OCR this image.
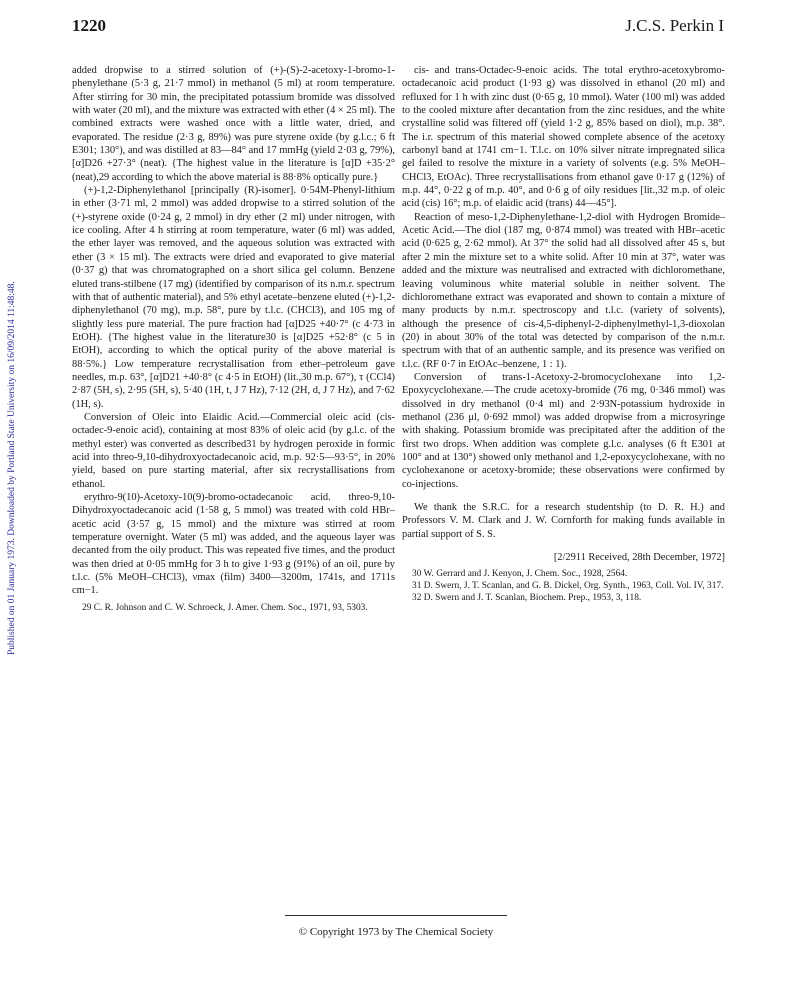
1220	J.C.S. Perkin I
Published on 01 January 1973. Downloaded by Portland State University on 16/09/2014 11:48:48.

added dropwise to a stirred solution of (+)-(S)-2-acetoxy-1-bromo-1-phenylethane (5·3 g, 21·7 mmol) in methanol (5 ml) at room temperature. After stirring for 30 min, the precipitated potassium bromide was dissolved with water (20 ml), and the mixture was extracted with ether (4 × 25 ml). The combined extracts were washed once with a little water, dried, and evaporated. The residue (2·3 g, 89%) was pure styrene oxide (by g.l.c.; 6 ft E301; 130°), and was distilled at 83—84° and 17 mmHg (yield 2·03 g, 79%), [α]D26 +27·3° (neat). {The highest value in the literature is [α]D +35·2° (neat),29 according to which the above material is 88·8% optically pure.}

(+)-1,2-Diphenylethanol [principally (R)-isomer]. 0·54M-Phenyl-lithium in ether (3·71 ml, 2 mmol) was added dropwise to a stirred solution of the (+)-styrene oxide (0·24 g, 2 mmol) in dry ether (2 ml) under nitrogen, with ice cooling. After 4 h stirring at room temperature, water (6 ml) was added, the ether layer was removed, and the aqueous solution was extracted with ether (3 × 15 ml). The extracts were dried and evaporated to give material (0·37 g) that was chromatographed on a short silica gel column. Benzene eluted trans-stilbene (17 mg) (identified by comparison of its n.m.r. spectrum with that of authentic material), and 5% ethyl acetate–benzene eluted (+)-1,2-diphenylethanol (70 mg), m.p. 58°, pure by t.l.c. (CHCl3), and 105 mg of slightly less pure material. The pure fraction had [α]D25 +40·7° (c 4·73 in EtOH). {The highest value in the literature30 is [α]D25 +52·8° (c 5 in EtOH), according to which the optical purity of the above material is 88·5%.} Low temperature recrystallisation from ether–petroleum gave needles, m.p. 63°, [α]D21 +40·8° (c 4·5 in EtOH) (lit.,30 m.p. 67°), τ (CCl4) 2·87 (5H, s), 2·95 (5H, s), 5·40 (1H, t, J 7 Hz), 7·12 (2H, d, J 7 Hz), and 7·62 (1H, s).

Conversion of Oleic into Elaidic Acid.—Commercial oleic acid (cis-octadec-9-enoic acid), containing at most 83% of oleic acid (by g.l.c. of the methyl ester) was converted as described31 by hydrogen peroxide in formic acid into threo-9,10-dihydroxyoctadecanoic acid, m.p. 92·5—93·5°, in 20% yield, based on pure starting material, after six recrystallisations from ethanol.

erythro-9(10)-Acetoxy-10(9)-bromo-octadecanoic acid. threo-9,10-Dihydroxyoctadecanoic acid (1·58 g, 5 mmol) was treated with cold HBr–acetic acid (3·57 g, 15 mmol) and the mixture was stirred at room temperature overnight. Water (5 ml) was added, and the aqueous layer was decanted from the oily product. This was repeated five times, and the product was then dried at 0·05 mmHg for 3 h to give 1·93 g (91%) of an oil, pure by t.l.c. (5% MeOH–CHCl3), νmax (film) 3400—3200m, 1741s, and 1711s cm−1.

29 C. R. Johnson and C. W. Schroeck, J. Amer. Chem. Soc., 1971, 93, 5303.

cis- and trans-Octadec-9-enoic acids. The total erythro-acetoxybromo-octadecanoic acid product (1·93 g) was dissolved in ethanol (20 ml) and refluxed for 1 h with zinc dust (0·65 g, 10 mmol). Water (100 ml) was added to the cooled mixture after decantation from the zinc residues, and the white crystalline solid was filtered off (yield 1·2 g, 85% based on diol), m.p. 38°. The i.r. spectrum of this material showed complete absence of the acetoxy carbonyl band at 1741 cm−1. T.l.c. on 10% silver nitrate impregnated silica gel failed to resolve the mixture in a variety of solvents (e.g. 5% MeOH–CHCl3, EtOAc). Three recrystallisations from ethanol gave 0·17 g (12%) of m.p. 44°, 0·22 g of m.p. 40°, and 0·6 g of oily residues [lit.,32 m.p. of oleic acid (cis) 16°; m.p. of elaidic acid (trans) 44—45°].

Reaction of meso-1,2-Diphenylethane-1,2-diol with Hydrogen Bromide–Acetic Acid.—The diol (187 mg, 0·874 mmol) was treated with HBr–acetic acid (0·625 g, 2·62 mmol). At 37° the solid had all dissolved after 45 s, but after 2 min the mixture set to a white solid. After 10 min at 37°, water was added and the mixture was neutralised and extracted with dichloromethane, leaving voluminous white material soluble in neither solvent. The dichloromethane extract was evaporated and shown to contain a mixture of many products by n.m.r. spectroscopy and t.l.c. (variety of solvents), although the presence of cis-4,5-diphenyl-2-diphenylmethyl-1,3-dioxolan (20) in about 30% of the total was detected by comparison of the n.m.r. spectrum with that of an authentic sample, and its presence was verified on t.l.c. (RF 0·7 in EtOAc–benzene, 1 : 1).

Conversion of trans-1-Acetoxy-2-bromocyclohexane into 1,2-Epoxycyclohexane.—The crude acetoxy-bromide (76 mg, 0·346 mmol) was dissolved in dry methanol (0·4 ml) and 2·93N-potassium hydroxide in methanol (236 μl, 0·692 mmol) was added dropwise from a microsyringe with shaking. Potassium bromide was precipitated after the addition of the first two drops. When addition was complete g.l.c. analyses (6 ft E301 at 100° and at 130°) showed only methanol and 1,2-epoxycyclohexane, with no cyclohexanone or acetoxy-bromide; these observations were confirmed by co-injections.

We thank the S.R.C. for a research studentship (to D. R. H.) and Professors V. M. Clark and J. W. Cornforth for making funds available in partial support of S. S.

[2/2911 Received, 28th December, 1972]

30 W. Gerrard and J. Kenyon, J. Chem. Soc., 1928, 2564.

31 D. Swern, J. T. Scanlan, and G. B. Dickel, Org. Synth., 1963, Coll. Vol. IV, 317.

32 D. Swern and J. T. Scanlan, Biochem. Prep., 1953, 3, 118.

© Copyright 1973 by The Chemical Society
